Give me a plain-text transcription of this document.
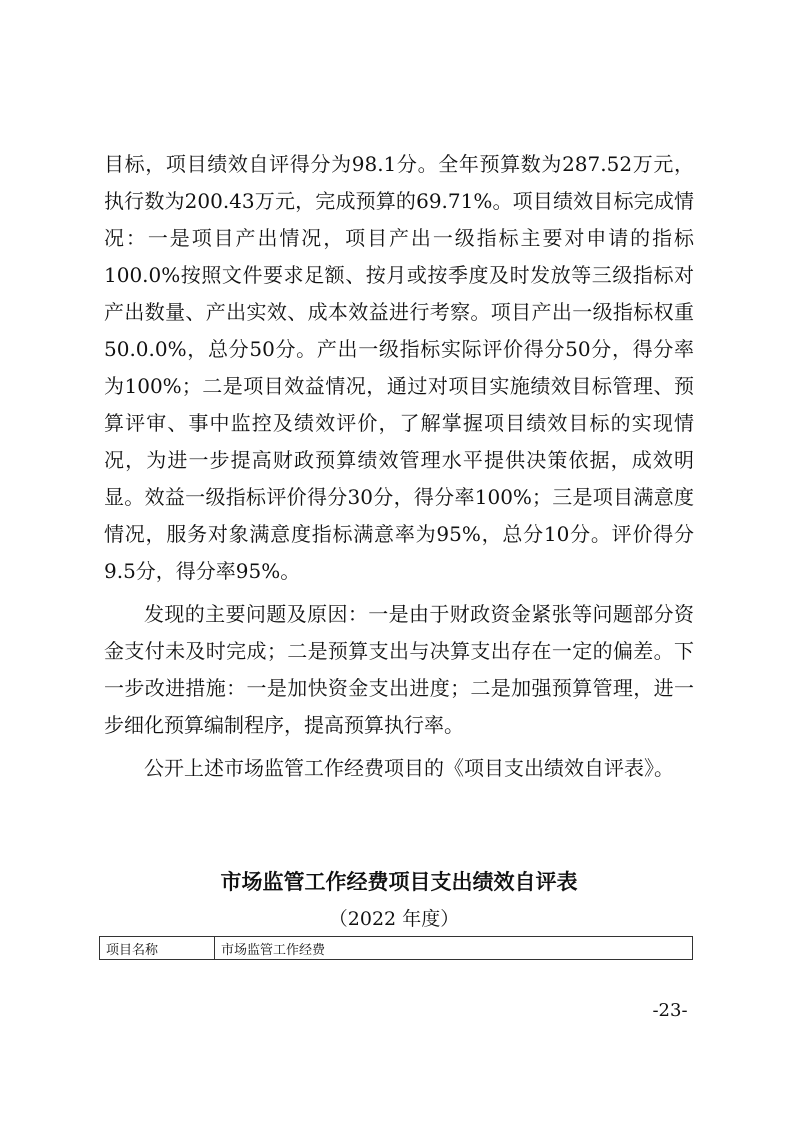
目标，项目绩效自评得分为98.1分。全年预算数为287.52万元，执行数为200.43万元，完成预算的69.71%。项目绩效目标完成情况：一是项目产出情况，项目产出一级指标主要对申请的指标100.0%按照文件要求足额、按月或按季度及时发放等三级指标对产出数量、产出实效、成本效益进行考察。项目产出一级指标权重50.0.0%，总分50分。产出一级指标实际评价得分50分，得分率为100%；二是项目效益情况，通过对项目实施绩效目标管理、预算评审、事中监控及绩效评价，了解掌握项目绩效目标的实现情况，为进一步提高财政预算绩效管理水平提供决策依据，成效明显。效益一级指标评价得分30分，得分率100%；三是项目满意度情况，服务对象满意度指标满意率为95%，总分10分。评价得分9.5分，得分率95%。

发现的主要问题及原因：一是由于财政资金紧张等问题部分资金支付未及时完成；二是预算支出与决算支出存在一定的偏差。下一步改进措施：一是加快资金支出进度；二是加强预算管理，进一步细化预算编制程序，提高预算执行率。

公开上述市场监管工作经费项目的《项目支出绩效自评表》。

市场监管工作经费项目支出绩效自评表
（2022 年度）
项目名称	市场监管工作经费
-23-
